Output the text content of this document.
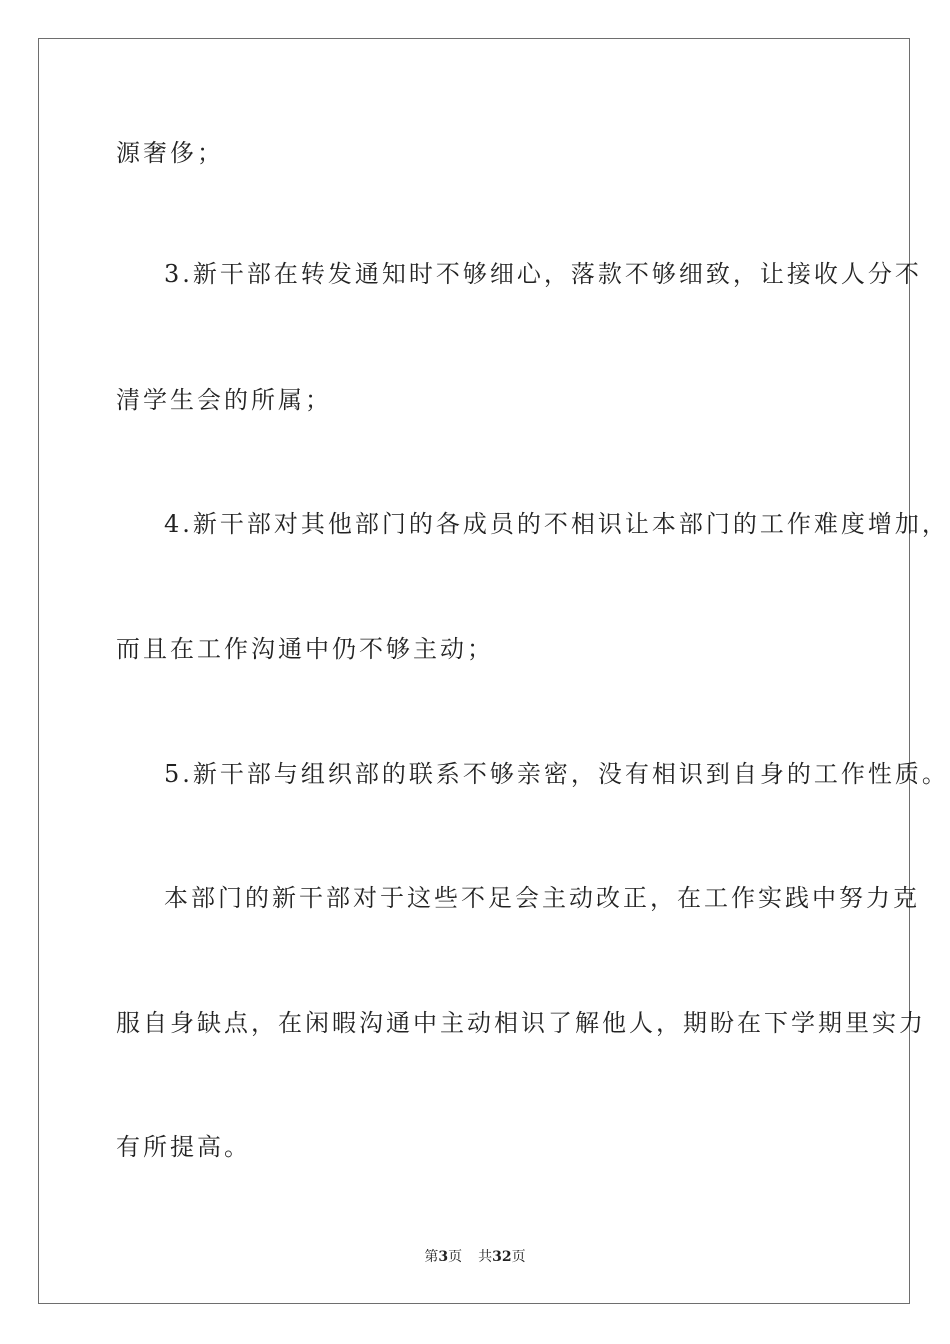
源奢侈；
3.新干部在转发通知时不够细心，落款不够细致，让接收人分不
清学生会的所属；
4.新干部对其他部门的各成员的不相识让本部门的工作难度增加，
而且在工作沟通中仍不够主动；
5.新干部与组织部的联系不够亲密，没有相识到自身的工作性质。
本部门的新干部对于这些不足会主动改正，在工作实践中努力克
服自身缺点，在闲暇沟通中主动相识了解他人，期盼在下学期里实力
有所提高。
第3页 共32页
